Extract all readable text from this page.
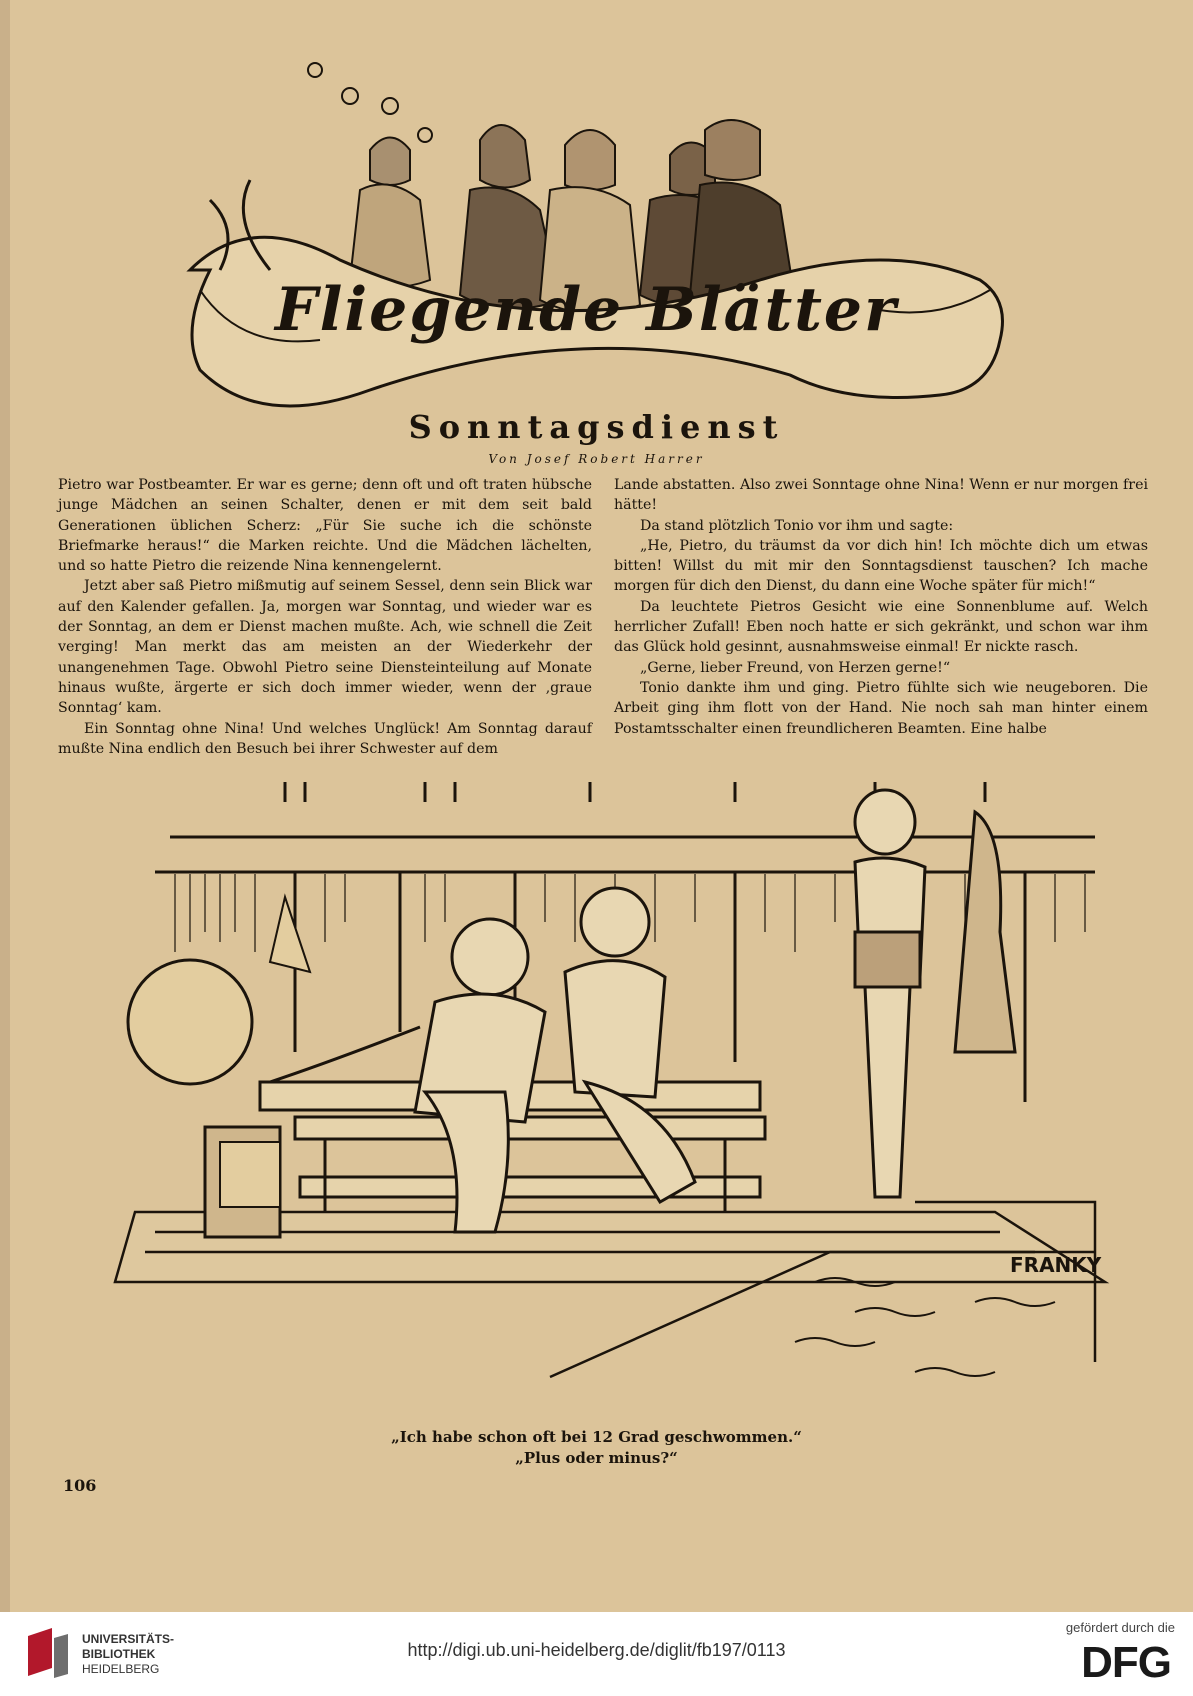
Fliegende Blätter
Sonntagsdienst
Von Josef Robert Harrer

Pietro war Postbeamter. Er war es gerne; denn oft und oft traten hübsche junge Mädchen an seinen Schalter, denen er mit dem seit bald Generationen üblichen Scherz: „Für Sie suche ich die schönste Briefmarke heraus!“ die Marken reichte. Und die Mädchen lächelten, und so hatte Pietro die reizende Nina kennengelernt.

Jetzt aber saß Pietro mißmutig auf seinem Sessel, denn sein Blick war auf den Kalender gefallen. Ja, morgen war Sonntag, und wieder war es der Sonntag, an dem er Dienst machen mußte. Ach, wie schnell die Zeit verging! Man merkt das am meisten an der Wiederkehr der unangenehmen Tage. Obwohl Pietro seine Diensteinteilung auf Monate hinaus wußte, ärgerte er sich doch immer wieder, wenn der ‚graue Sonntag‘ kam.

Ein Sonntag ohne Nina! Und welches Unglück! Am Sonntag darauf mußte Nina endlich den Besuch bei ihrer Schwester auf dem

Lande abstatten. Also zwei Sonntage ohne Nina! Wenn er nur morgen frei hätte!

Da stand plötzlich Tonio vor ihm und sagte:

„He, Pietro, du träumst da vor dich hin! Ich möchte dich um etwas bitten! Willst du mit mir den Sonntagsdienst tauschen? Ich mache morgen für dich den Dienst, du dann eine Woche später für mich!“

Da leuchtete Pietros Gesicht wie eine Sonnenblume auf. Welch herrlicher Zufall! Eben noch hatte er sich gekränkt, und schon war ihm das Glück hold gesinnt, ausnahmsweise einmal! Er nickte rasch.

„Gerne, lieber Freund, von Herzen gerne!“

Tonio dankte ihm und ging. Pietro fühlte sich wie neugeboren. Die Arbeit ging ihm flott von der Hand. Nie noch sah man hinter einem Postamtsschalter einen freundlicheren Beamten. Eine halbe

FRANKY
„Ich habe schon oft bei 12 Grad geschwommen.“
„Plus oder minus?“
106
UNIVERSITÄTS-
BIBLIOTHEK
HEIDELBERG
http://digi.ub.uni-heidelberg.de/diglit/fb197/0113
gefördert durch die
DFG
